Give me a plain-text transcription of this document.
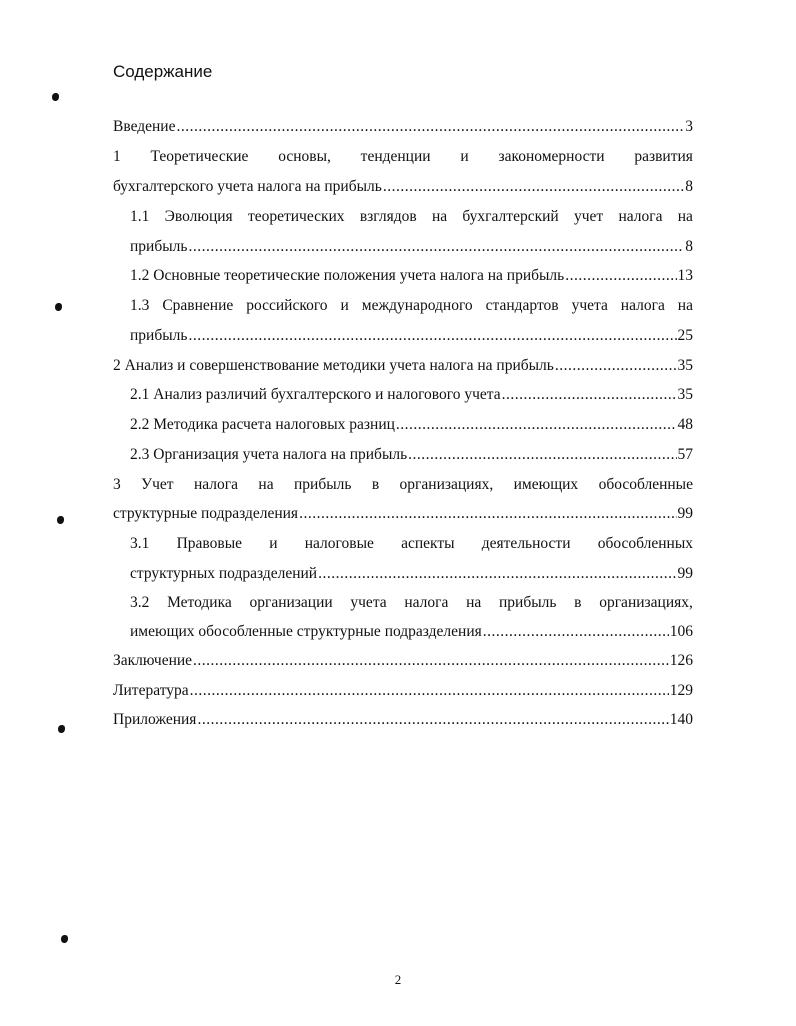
Содержание
Введение .....	3
1 Теоретические основы, тенденции и закономерности развития
бухгалтерского учета налога на прибыль .....	8
1.1 Эволюция теоретических взглядов на бухгалтерский учет налога на
прибыль .....	8
1.2 Основные теоретические положения учета налога на прибыль .....	13
1.3 Сравнение российского и международного стандартов учета налога на
прибыль .....	25
2 Анализ и совершенствование методики учета налога на прибыль .....	35
2.1 Анализ различий бухгалтерского и налогового учета .....	35
2.2 Методика расчета налоговых разниц .....	48
2.3 Организация учета налога на прибыль .....	57
3 Учет налога на прибыль в организациях, имеющих обособленные
структурные подразделения .....	99
3.1 Правовые и налоговые аспекты деятельности обособленных
структурных подразделений .....	99
3.2 Методика организации учета налога на прибыль в организациях,
имеющих обособленные структурные подразделения .....	106
Заключение .....	126
Литература .....	129
Приложения .....	140
2
